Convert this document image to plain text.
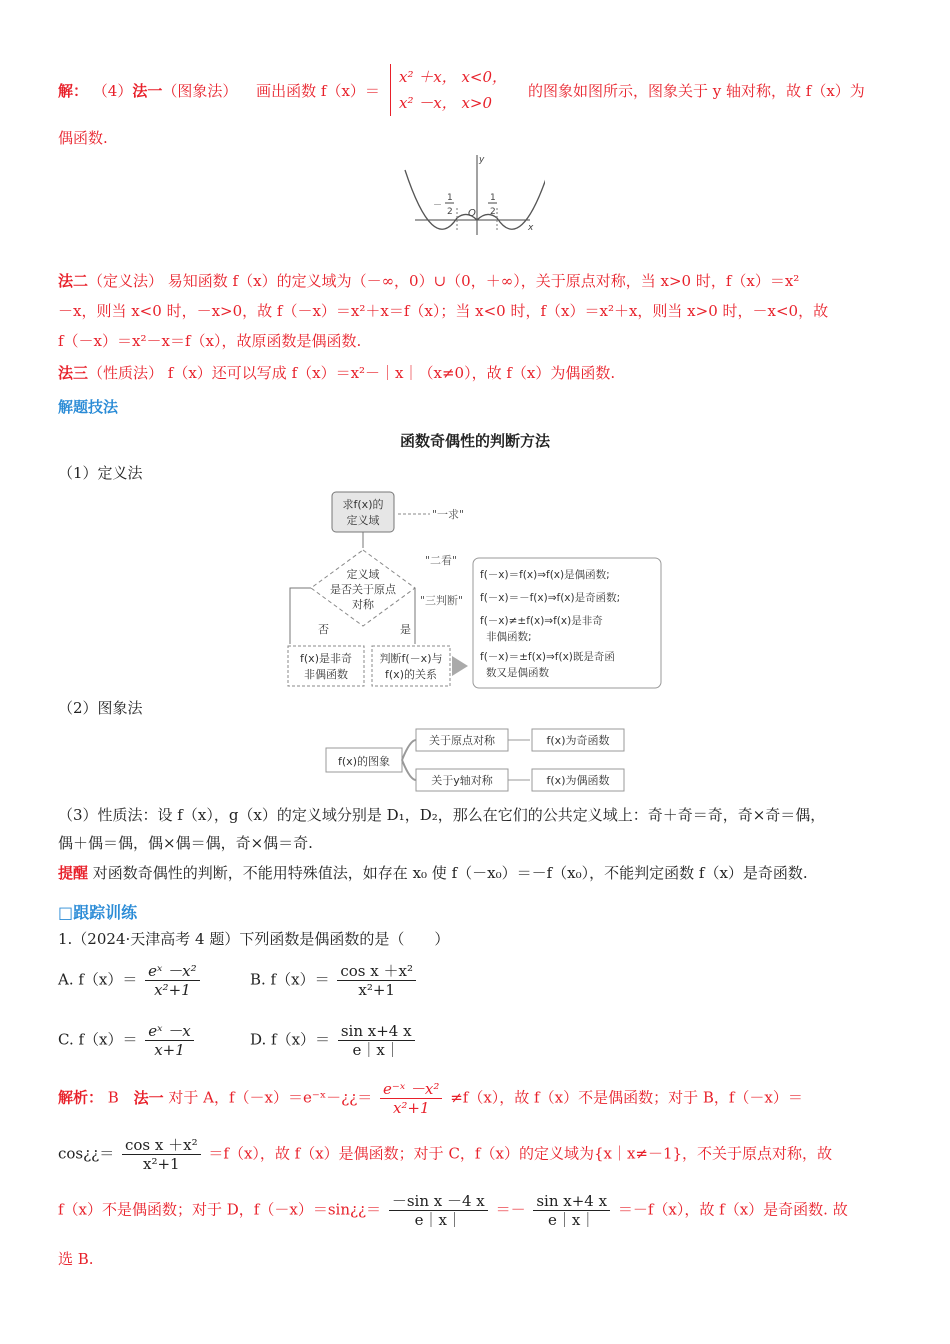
解： （4）法一（图象法） 画出函数 f（x）＝
x² ＋x， x<0，
x² －x， x>0
的图象如图所示，图象关于 y 轴对称，故 f（x）为
偶函数.
y
x
O
－
1
2
1
2
法二（定义法） 易知函数 f（x）的定义域为（－∞，0）∪（0，＋∞），关于原点对称，当 x>0 时，f（x）＝x²
－x，则当 x<0 时，－x>0，故 f（－x）＝x²＋x＝f（x）；当 x<0 时，f（x）＝x²＋x，则当 x>0 时，－x<0，故
f（－x）＝x²－x＝f（x），故原函数是偶函数.
法三（性质法） f（x）还可以写成 f（x）＝x²－｜x｜（x≠0），故 f（x）为偶函数.
解题技法
函数奇偶性的判断方法
（1）定义法
求f(x)的
定义域	"一求"
定义域
是否关于原点
对称
"二看"
"三判断"
否	是
f(x)是非奇
非偶函数
判断f(－x)与
f(x)的关系
f(－x)＝f(x)⇒f(x)是偶函数;
f(－x)＝－f(x)⇒f(x)是奇函数;
f(－x)≠±f(x)⇒f(x)是非奇
非偶函数;
f(－x)＝±f(x)⇒f(x)既是奇函
数又是偶函数
（2）图象法
f(x)的图象
关于原点对称
关于y轴对称
f(x)为奇函数
f(x)为偶函数
（3）性质法：设 f（x），g（x）的定义域分别是 D₁，D₂，那么在它们的公共定义域上：奇＋奇＝奇，奇×奇＝偶，
偶＋偶＝偶，偶×偶＝偶，奇×偶＝奇.
提醒 对函数奇偶性的判断，不能用特殊值法，如存在 x₀ 使 f（－x₀）＝－f（x₀），不能判定函数 f（x）是奇函数.
□跟踪训练
1.（2024·天津高考 4 题）下列函数是偶函数的是（　　）
A. $f(x)= \frac{\text{eˣ －x²}}{\text{x²+1}}$	B. $f(x)= \frac{\text{cos x ＋x²}}{\text{x²+1}}$
C. $f(x)= \frac{\text{eˣ －x}}{x+1}$	D. $f(x)= \frac{\text{sin x+4 x}}{e|x|}$
解析： B 法一 对于 A，f（－x）＝e⁻ˣ－¿¿＝ $\frac{\text{e⁻ˣ －x²}}{\text{x²+1}} \ne f(x)$，故 f（x）不是偶函数；对于 B，f（－x）＝
cos¿¿＝ $\frac{\text{cos x ＋x²}}{\text{x²+1}} =f(x)$，故 f（x）是偶函数；对于 C，f（x）的定义域为{x｜x≠－1}，不关于原点对称，故
f（x）不是偶函数；对于 D，f（－x）＝sin¿¿＝ $\frac{\text{－sin x －4 x}}{e|x|} =- \frac{\text{sin x+4 x}}{e|x|} =-f(x)$，故 f（x）是奇函数. 故
选 B.
